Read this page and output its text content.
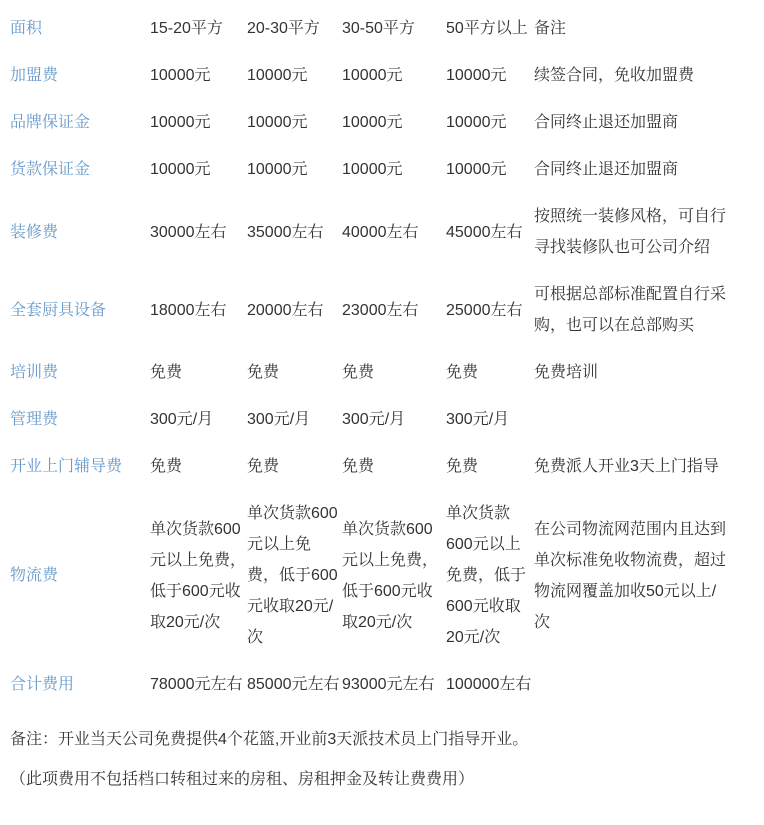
面积	15-20平方	20-30平方	30-50平方	50平方以上	备注
加盟费	10000元	10000元	10000元	10000元	续签合同，免收加盟费
品牌保证金	10000元	10000元	10000元	10000元	合同终止退还加盟商
货款保证金	10000元	10000元	10000元	10000元	合同终止退还加盟商
装修费	30000左右	35000左右	40000左右	45000左右	按照统一装修风格，可自行寻找装修队也可公司介绍
全套厨具设备	18000左右	20000左右	23000左右	25000左右	可根据总部标准配置自行采购，也可以在总部购买
培训费	免费	免费	免费	免费	免费培训
管理费	300元/月	300元/月	300元/月	300元/月	
开业上门辅导费	免费	免费	免费	免费	免费派人开业3天上门指导
物流费	单次货款600元以上免费，低于600元收取20元/次	单次货款600元以上免费，低于600元收取20元/次	单次货款600元以上免费，低于600元收取20元/次	单次货款600元以上免费，低于600元收取20元/次	在公司物流网范围内且达到单次标准免收物流费，超过物流网覆盖加收50元以上/次
合计费用	78000元左右	85000元左右	93000元左右	100000左右	
备注：开业当天公司免费提供4个花篮,开业前3天派技术员上门指导开业。
（此项费用不包括档口转租过来的房租、房租押金及转让费费用）
